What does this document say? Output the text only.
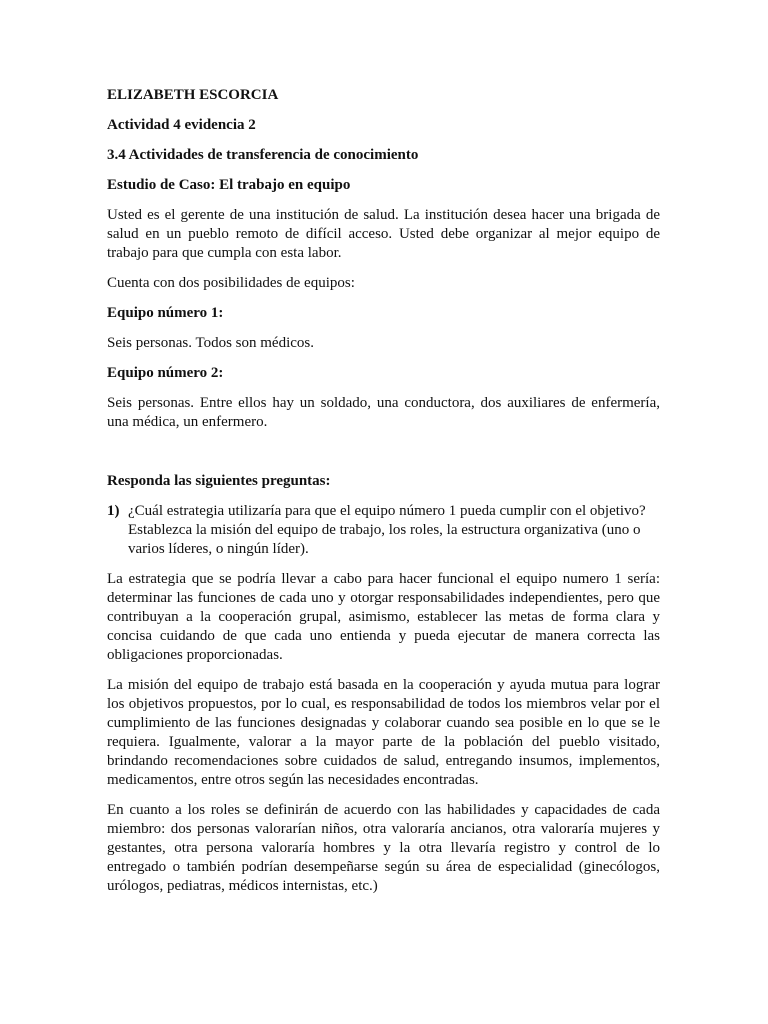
ELIZABETH ESCORCIA

Actividad 4 evidencia 2

3.4 Actividades de transferencia de conocimiento

Estudio de Caso: El trabajo en equipo

Usted es el gerente de una institución de salud. La institución desea hacer una brigada de

salud en un pueblo remoto de difícil acceso. Usted debe organizar al mejor equipo de

trabajo para que cumpla con esta labor.

Cuenta con dos posibilidades de equipos:

Equipo número 1:

Seis personas. Todos son médicos.

Equipo número 2:

Seis personas. Entre ellos hay un soldado, una conductora, dos auxiliares de enfermería,

una médica, un enfermero.

Responda las siguientes preguntas:

1) ¿Cuál estrategia utilizaría para que el equipo número 1 pueda cumplir con el objetivo?

Establezca la misión del equipo de trabajo, los roles, la estructura organizativa (uno o

varios líderes, o ningún líder).

La estrategia que se podría llevar a cabo para hacer funcional el equipo numero 1 sería:

determinar las funciones de cada uno y otorgar responsabilidades independientes, pero que

contribuyan a la cooperación grupal, asimismo, establecer las metas de forma clara y

concisa cuidando de que cada uno entienda y pueda ejecutar de manera correcta las

obligaciones proporcionadas.

La misión del equipo de trabajo está basada en la cooperación y ayuda mutua para lograr

los objetivos propuestos, por lo cual, es responsabilidad de todos los miembros velar por el

cumplimiento de las funciones designadas y colaborar cuando sea posible en lo que se le

requiera. Igualmente, valorar a la mayor parte de la población del pueblo visitado,

brindando recomendaciones sobre cuidados de salud, entregando insumos, implementos,

medicamentos, entre otros según las necesidades encontradas.

En cuanto a los roles se definirán de acuerdo con las habilidades y capacidades de cada

miembro: dos personas valorarían niños, otra valoraría ancianos, otra valoraría mujeres y

gestantes, otra persona valoraría hombres y la otra llevaría registro y control de lo

entregado o también podrían desempeñarse según su área de especialidad (ginecólogos,

urólogos, pediatras, médicos internistas, etc.)
